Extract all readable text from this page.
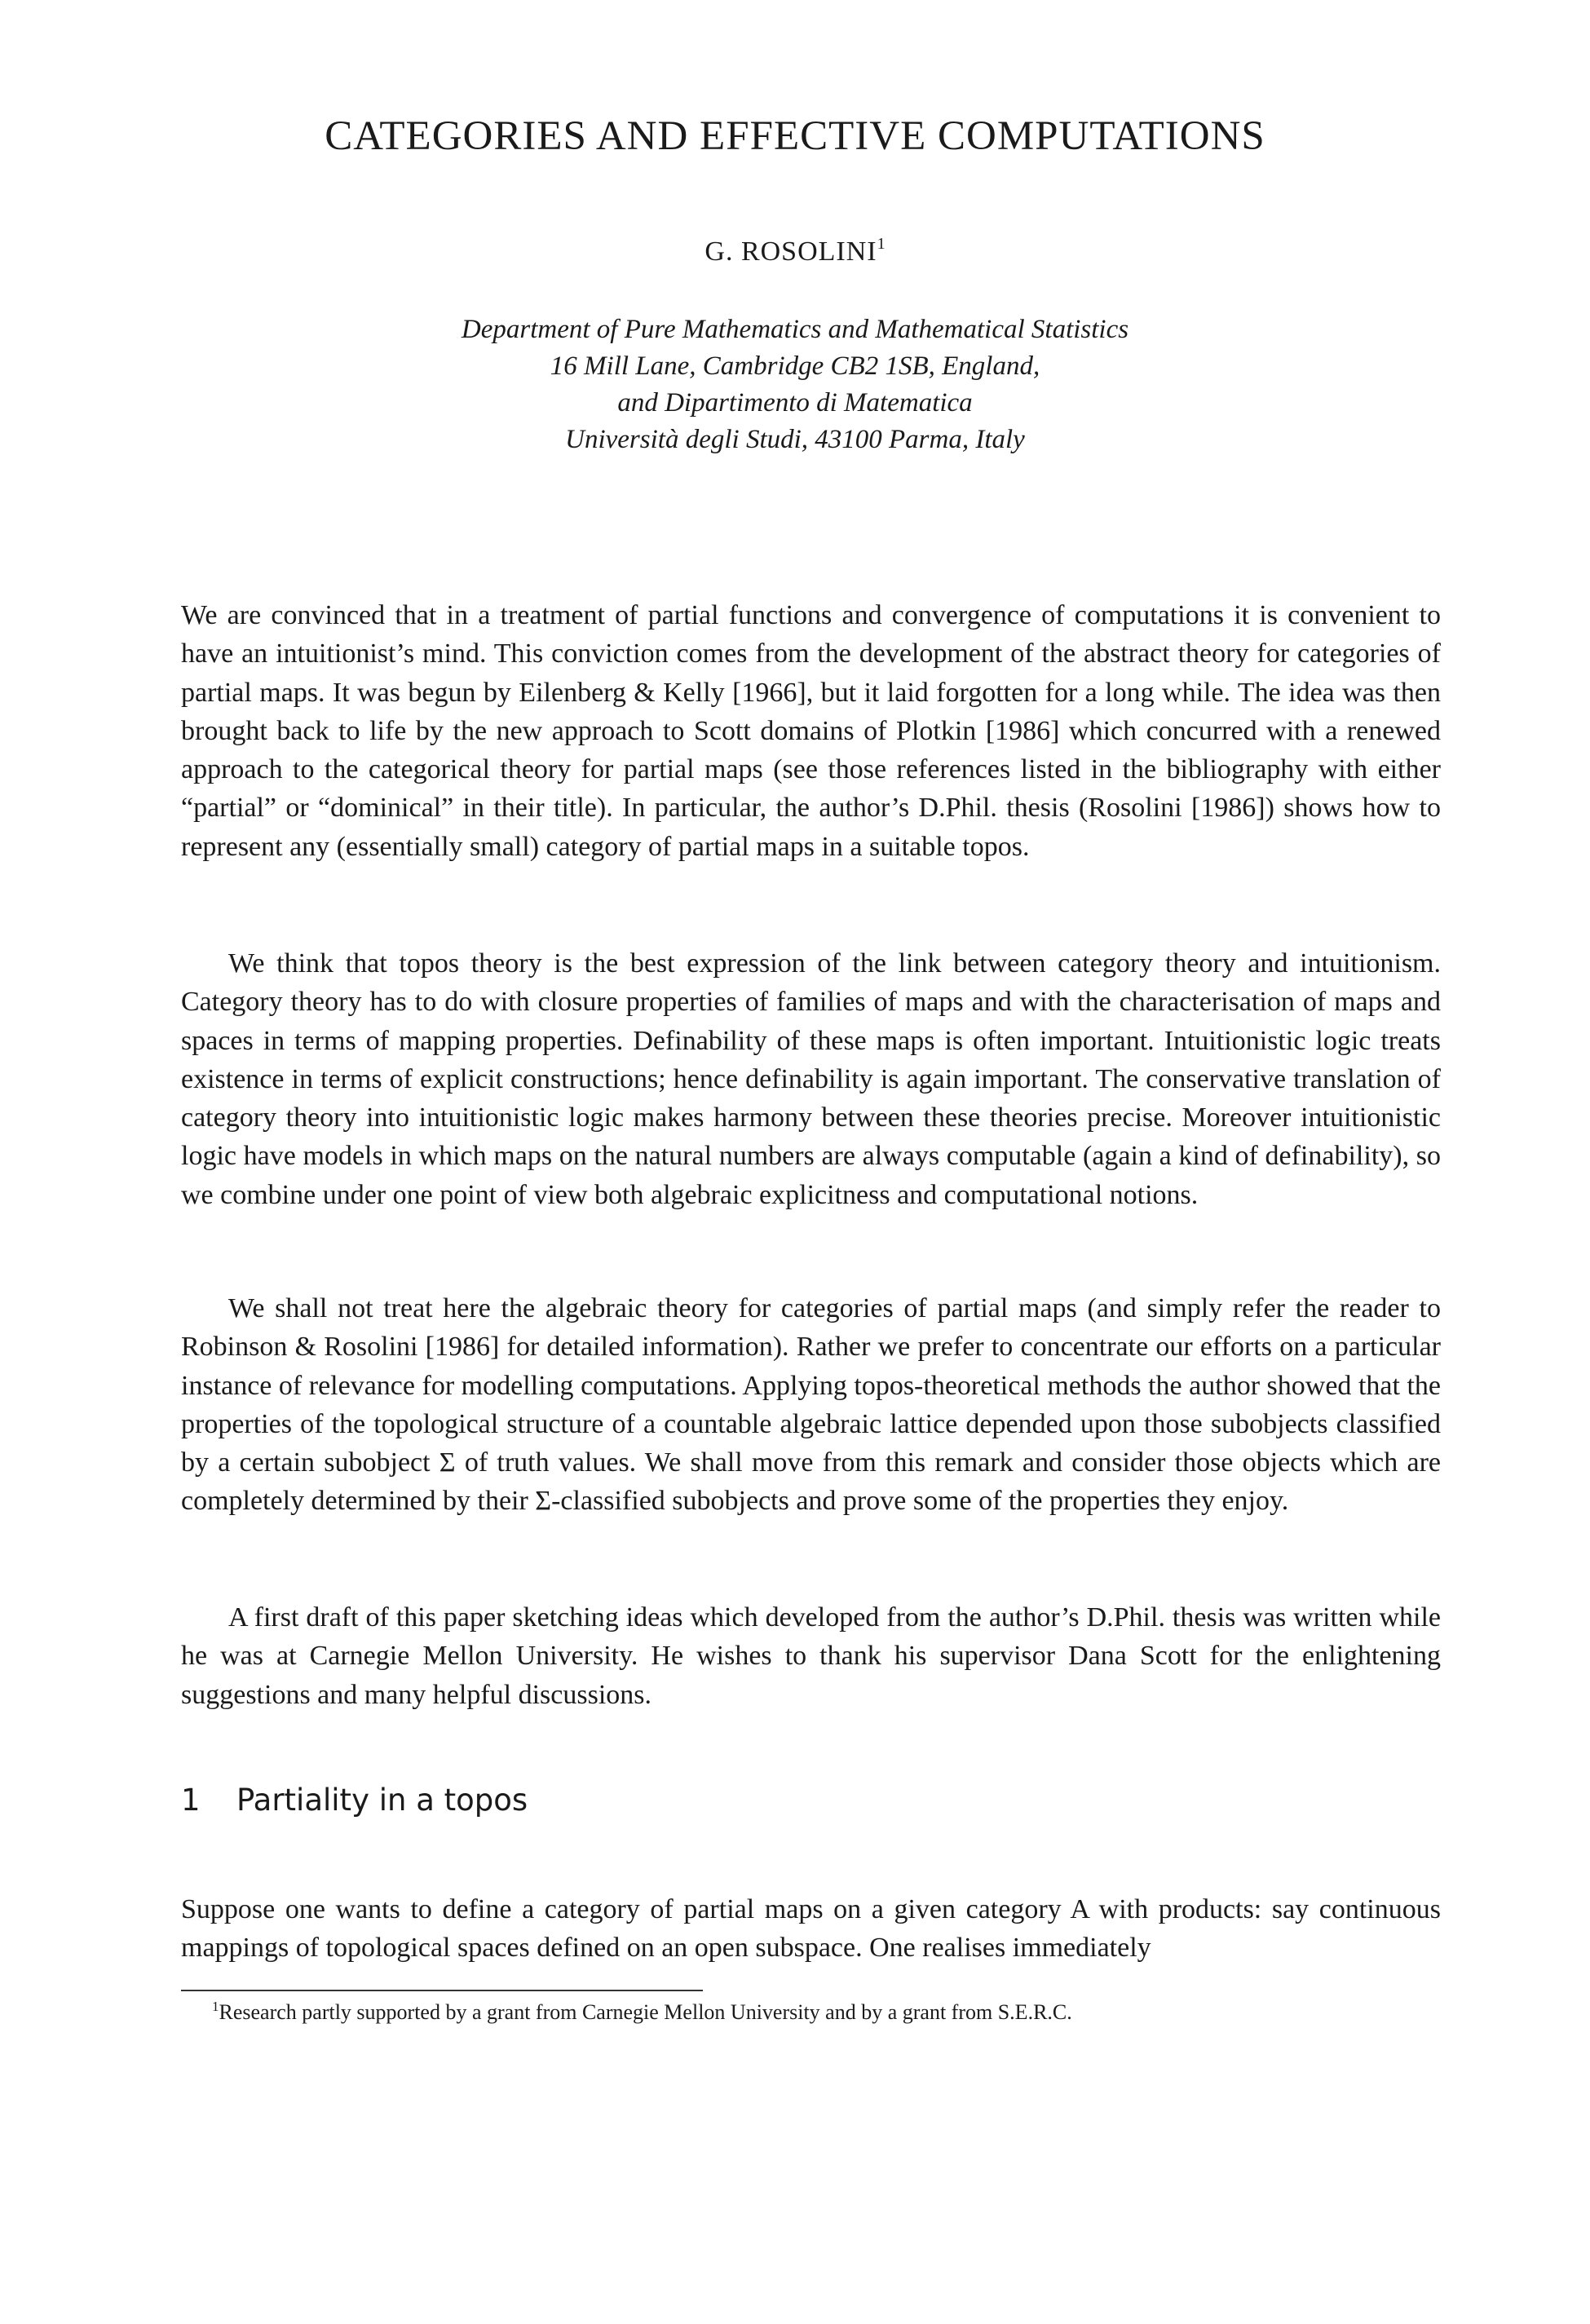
CATEGORIES AND EFFECTIVE COMPUTATIONS
G. ROSOLINI$^1$
Department of Pure Mathematics and Mathematical Statistics
16 Mill Lane, Cambridge CB2 1SB, England,
and Dipartimento di Matematica
Università degli Studi, 43100 Parma, Italy

We are convinced that in a treatment of partial functions and convergence of computations it is convenient to have an intuitionist’s mind. This conviction comes from the development of the abstract theory for categories of partial maps. It was begun by Eilenberg & Kelly [1966], but it laid forgotten for a long while. The idea was then brought back to life by the new approach to Scott domains of Plotkin [1986] which concurred with a renewed approach to the categorical theory for partial maps (see those references listed in the bibliography with either “partial” or “dominical” in their title). In particular, the author’s D.Phil. thesis (Rosolini [1986]) shows how to represent any (essentially small) category of partial maps in a suitable topos.

We think that topos theory is the best expression of the link between category theory and intuitionism. Category theory has to do with closure properties of families of maps and with the characterisation of maps and spaces in terms of mapping properties. Definability of these maps is often important. Intuitionistic logic treats existence in terms of explicit constructions; hence definability is again important. The conservative translation of category theory into intuitionistic logic makes harmony between these theories precise. Moreover intuitionistic logic have models in which maps on the natural numbers are always computable (again a kind of definability), so we combine under one point of view both algebraic explicitness and computational notions.

We shall not treat here the algebraic theory for categories of partial maps (and simply refer the reader to Robinson & Rosolini [1986] for detailed information). Rather we prefer to concentrate our efforts on a particular instance of relevance for modelling computations. Applying topos-theoretical methods the author showed that the properties of the topological structure of a countable algebraic lattice depended upon those subobjects classified by a certain subobject Σ of truth values. We shall move from this remark and consider those objects which are completely determined by their Σ-classified subobjects and prove some of the properties they enjoy.

A first draft of this paper sketching ideas which developed from the author’s D.Phil. thesis was written while he was at Carnegie Mellon University. He wishes to thank his supervisor Dana Scott for the enlightening suggestions and many helpful discussions.

1 Partiality in a topos

Suppose one wants to define a category of partial maps on a given category A with products: say continuous mappings of topological spaces defined on an open subspace. One realises immediately

$^1$Research partly supported by a grant from Carnegie Mellon University and by a grant from S.E.R.C.
